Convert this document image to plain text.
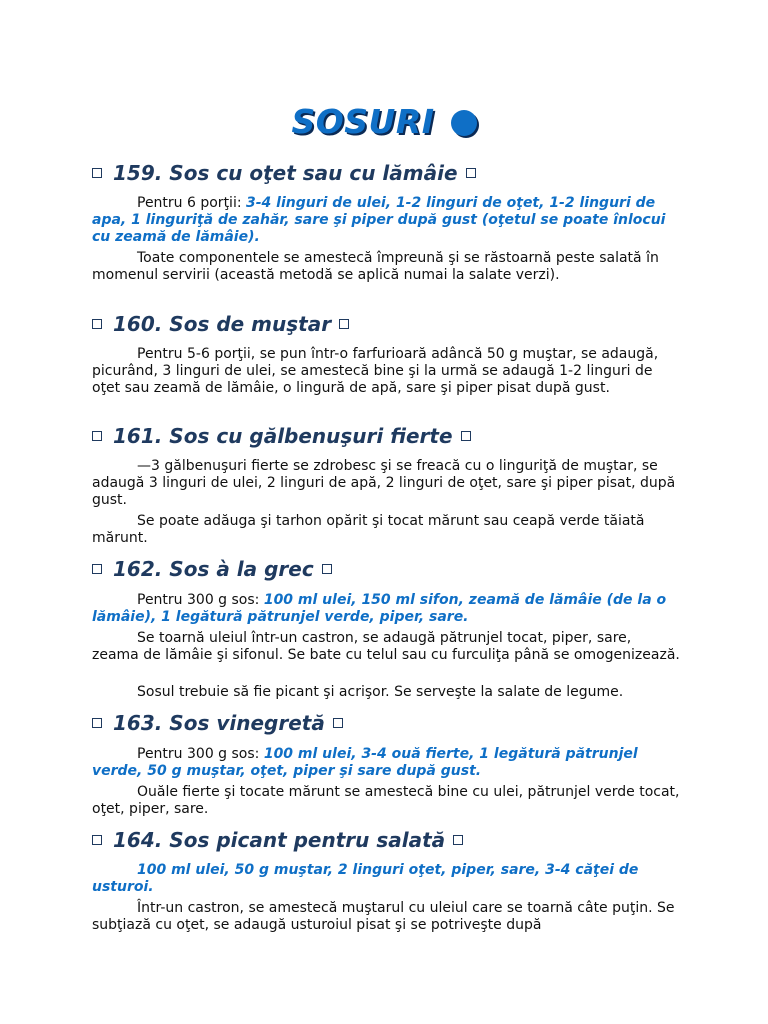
SOSURI
159. Sos cu oţet sau cu lămâie

Pentru 6 porţii: 3-4 linguri de ulei, 1-2 linguri de oţet, 1-2 linguri de apa, 1 linguriţă de zahăr, sare şi piper după gust (oţetul se poate înlocui cu zeamă de lămâie).

Toate componentele se amestecă împreună şi se răstoarnă peste salată în momenul servirii (această metodă se aplică numai la salate verzi).

160. Sos de muştar

Pentru 5-6 porţii, se pun într-o farfurioară adâncă 50 g muştar, se adaugă, picurând, 3 linguri de ulei, se amestecă bine şi la urmă se adaugă 1-2 linguri de oţet sau zeamă de lămâie, o lingură de apă, sare şi piper pisat după gust.

161. Sos cu gălbenuşuri fierte

—3 gălbenuşuri fierte se zdrobesc şi se freacă cu o linguriţă de muştar, se adaugă 3 linguri de ulei, 2 linguri de apă, 2 linguri de oţet, sare şi piper pisat, după gust.

Se poate adăuga şi tarhon opărit şi tocat mărunt sau ceapă verde tăiată mărunt.

162. Sos à la grec

Pentru 300 g sos: 100 ml ulei, 150 ml sifon, zeamă de lămâie (de la o lămâie), 1 legătură pătrunjel verde, piper, sare.

Se toarnă uleiul într-un castron, se adaugă pătrunjel tocat, piper, sare, zeama de lămâie şi sifonul. Se bate cu telul sau cu furculiţa până se omogenizează.

Sosul trebuie să fie picant şi acrişor. Se serveşte la salate de legume.

163. Sos vinegretă

Pentru 300 g sos: 100 ml ulei, 3-4 ouă fierte, 1 legătură pătrunjel verde, 50 g muştar, oţet, piper şi sare după gust.

Ouăle fierte şi tocate mărunt se amestecă bine cu ulei, pătrunjel verde tocat, oţet, piper, sare.

164. Sos picant pentru salată

100 ml ulei, 50 g muştar, 2 linguri oţet, piper, sare, 3-4 căţei de usturoi.

Într-un castron, se amestecă muştarul cu uleiul care se toarnă câte puţin. Se subţiază cu oţet, se adaugă usturoiul pisat şi se potriveşte după
